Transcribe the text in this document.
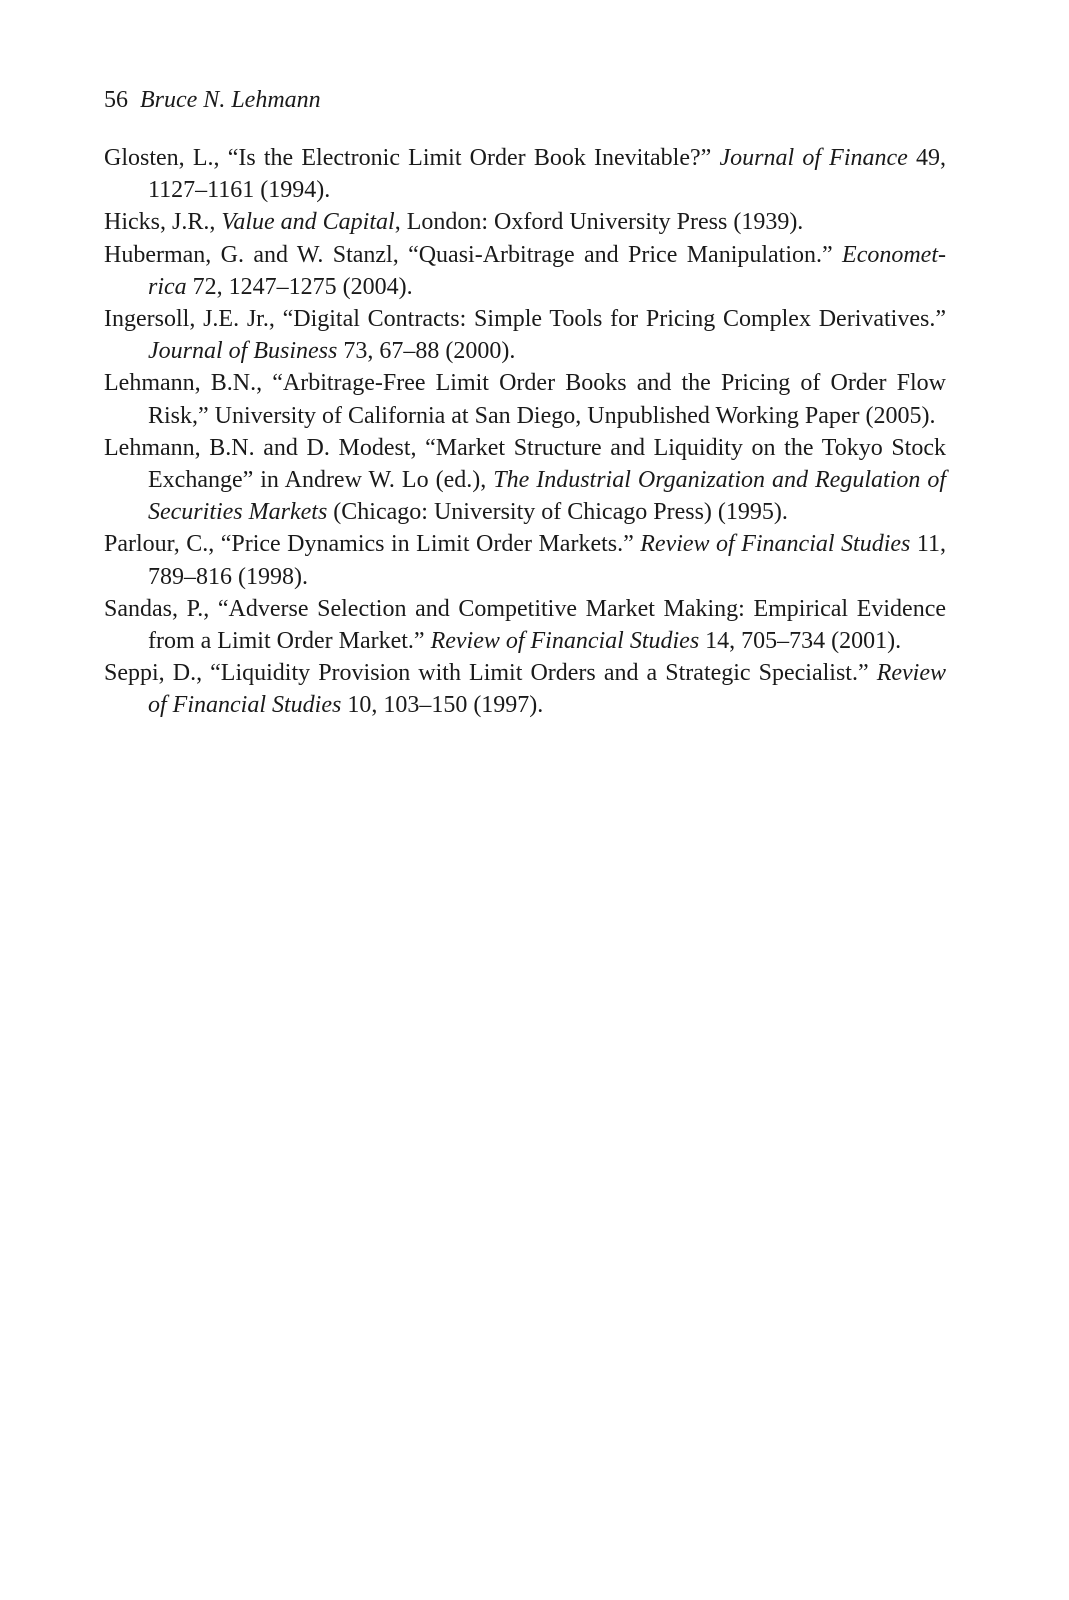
56 Bruce N. Lehmann
Glosten, L., “Is the Electronic Limit Order Book Inevitable?” Journal of Finance 49, 1127–1161 (1994).
Hicks, J.R., Value and Capital, London: Oxford University Press (1939).
Huberman, G. and W. Stanzl, “Quasi-Arbitrage and Price Manipulation.” Econometrica 72, 1247–1275 (2004).
Ingersoll, J.E. Jr., “Digital Contracts: Simple Tools for Pricing Complex Derivatives.” Journal of Business 73, 67–88 (2000).
Lehmann, B.N., “Arbitrage-Free Limit Order Books and the Pricing of Order Flow Risk,” University of California at San Diego, Unpublished Working Paper (2005).
Lehmann, B.N. and D. Modest, “Market Structure and Liquidity on the Tokyo Stock Exchange” in Andrew W. Lo (ed.), The Industrial Organization and Regulation of Securities Markets (Chicago: University of Chicago Press) (1995).
Parlour, C., “Price Dynamics in Limit Order Markets.” Review of Financial Studies 11, 789–816 (1998).
Sandas, P., “Adverse Selection and Competitive Market Making: Empirical Evidence from a Limit Order Market.” Review of Financial Studies 14, 705–734 (2001).
Seppi, D., “Liquidity Provision with Limit Orders and a Strategic Specialist.” Review of Financial Studies 10, 103–150 (1997).
